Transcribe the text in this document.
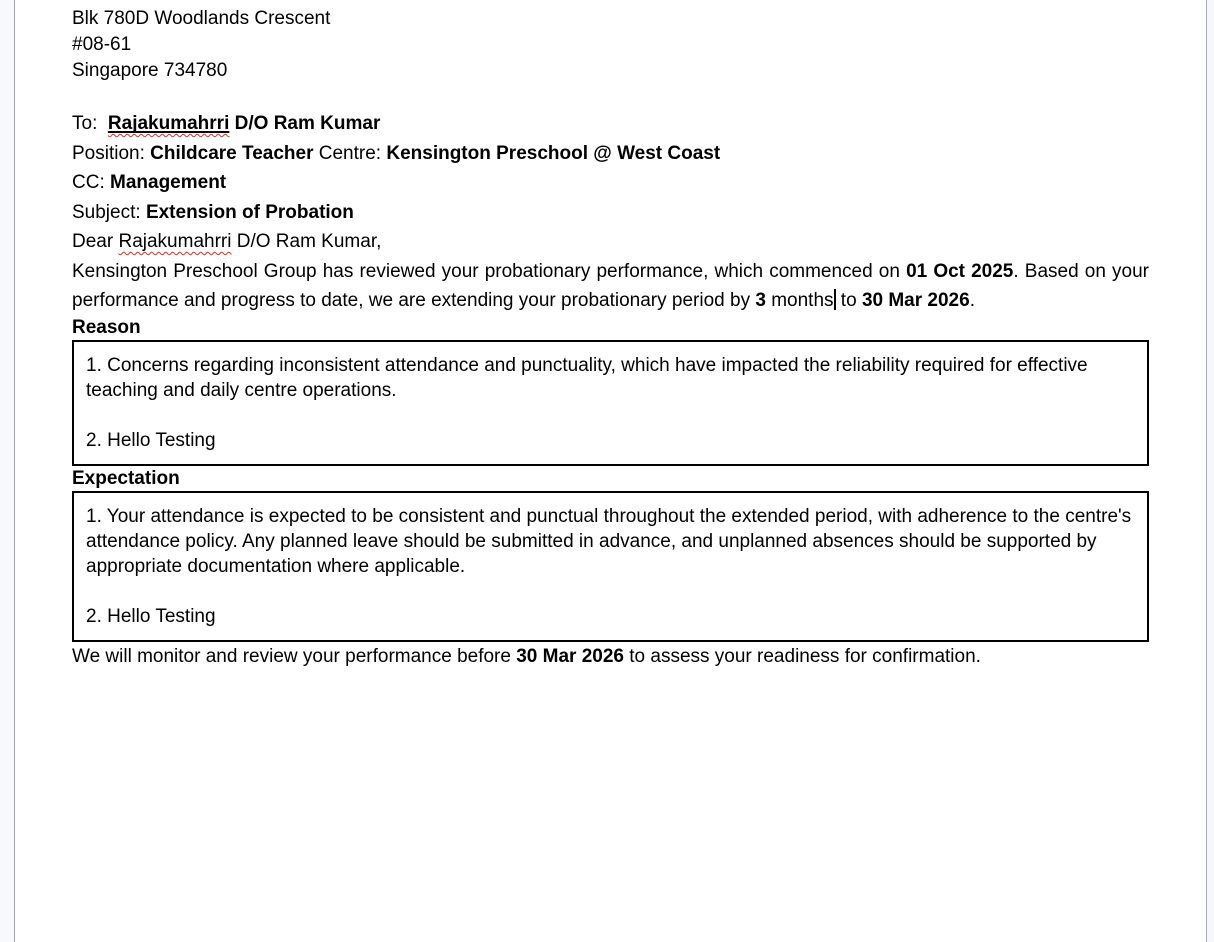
Blk 780D Woodlands Crescent

#08-61

Singapore 734780

To:  Rajakumahrri D/O Ram Kumar

Position: Childcare Teacher Centre: Kensington Preschool @ West Coast

CC: Management

Subject: Extension of Probation

Dear Rajakumahrri D/O Ram Kumar,

Kensington Preschool Group has reviewed your probationary performance, which commenced on 01 Oct 2025. Based on your performance and progress to date, we are extending your probationary period by 3 months to 30 Mar 2026.

Reason

1. Concerns regarding inconsistent attendance and punctuality, which have impacted the reliability required for effective teaching and daily centre operations.

2. Hello Testing

Expectation

1. Your attendance is expected to be consistent and punctual throughout the extended period, with adherence to the centre's attendance policy. Any planned leave should be submitted in advance, and unplanned absences should be supported by appropriate documentation where applicable.

2. Hello Testing

We will monitor and review your performance before 30 Mar 2026 to assess your readiness for confirmation.
